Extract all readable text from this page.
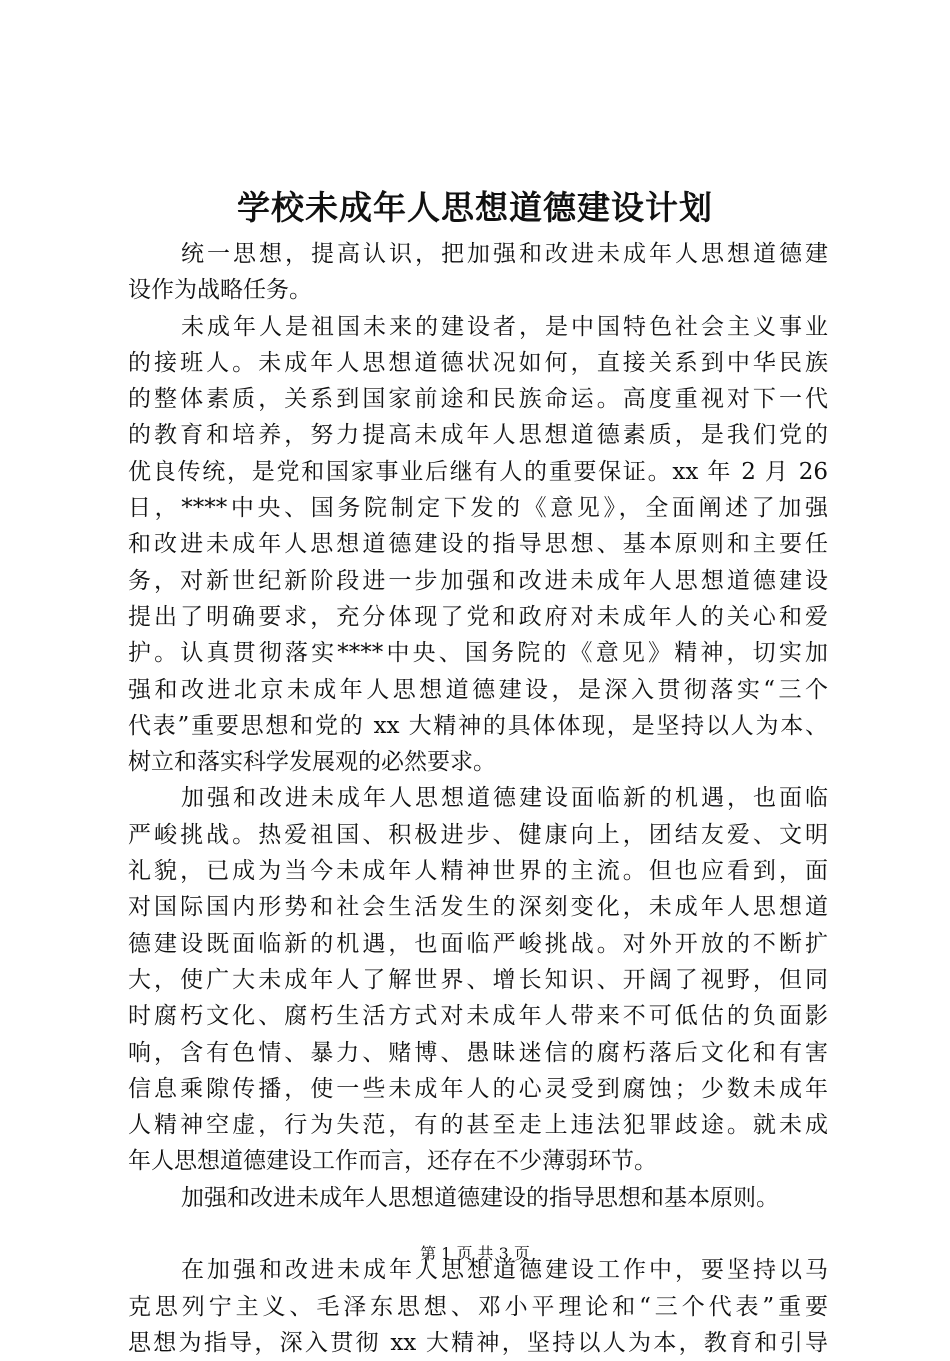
学校未成年人思想道德建设计划
统一思想，提高认识，把加强和改进未成年人思想道德建
设作为战略任务。
未成年人是祖国未来的建设者，是中国特色社会主义事业
的接班人。未成年人思想道德状况如何，直接关系到中华民族
的整体素质，关系到国家前途和民族命运。高度重视对下一代
的教育和培养，努力提高未成年人思想道德素质，是我们党的
优良传统，是党和国家事业后继有人的重要保证。xx 年 2 月 26
日，****中央、国务院制定下发的《意见》，全面阐述了加强
和改进未成年人思想道德建设的指导思想、基本原则和主要任
务，对新世纪新阶段进一步加强和改进未成年人思想道德建设
提出了明确要求，充分体现了党和政府对未成年人的关心和爱
护。认真贯彻落实****中央、国务院的《意见》精神，切实加
强和改进北京未成年人思想道德建设，是深入贯彻落实“三个
代表”重要思想和党的 xx 大精神的具体体现，是坚持以人为本、
树立和落实科学发展观的必然要求。
加强和改进未成年人思想道德建设面临新的机遇，也面临
严峻挑战。热爱祖国、积极进步、健康向上，团结友爱、文明
礼貌，已成为当今未成年人精神世界的主流。但也应看到，面
对国际国内形势和社会生活发生的深刻变化，未成年人思想道
德建设既面临新的机遇，也面临严峻挑战。对外开放的不断扩
大，使广大未成年人了解世界、增长知识、开阔了视野，但同
时腐朽文化、腐朽生活方式对未成年人带来不可低估的负面影
响，含有色情、暴力、赌博、愚昧迷信的腐朽落后文化和有害
信息乘隙传播，使一些未成年人的心灵受到腐蚀；少数未成年
人精神空虚，行为失范，有的甚至走上违法犯罪歧途。就未成
年人思想道德建设工作而言，还存在不少薄弱环节。
加强和改进未成年人思想道德建设的指导思想和基本原则。

在加强和改进未成年人思想道德建设工作中，要坚持以马
克思列宁主义、毛泽东思想、邓小平理论和“三个代表”重要
思想为指导，深入贯彻 xx 大精神，坚持以人为本，教育和引导
第 1 页 共 3 页
